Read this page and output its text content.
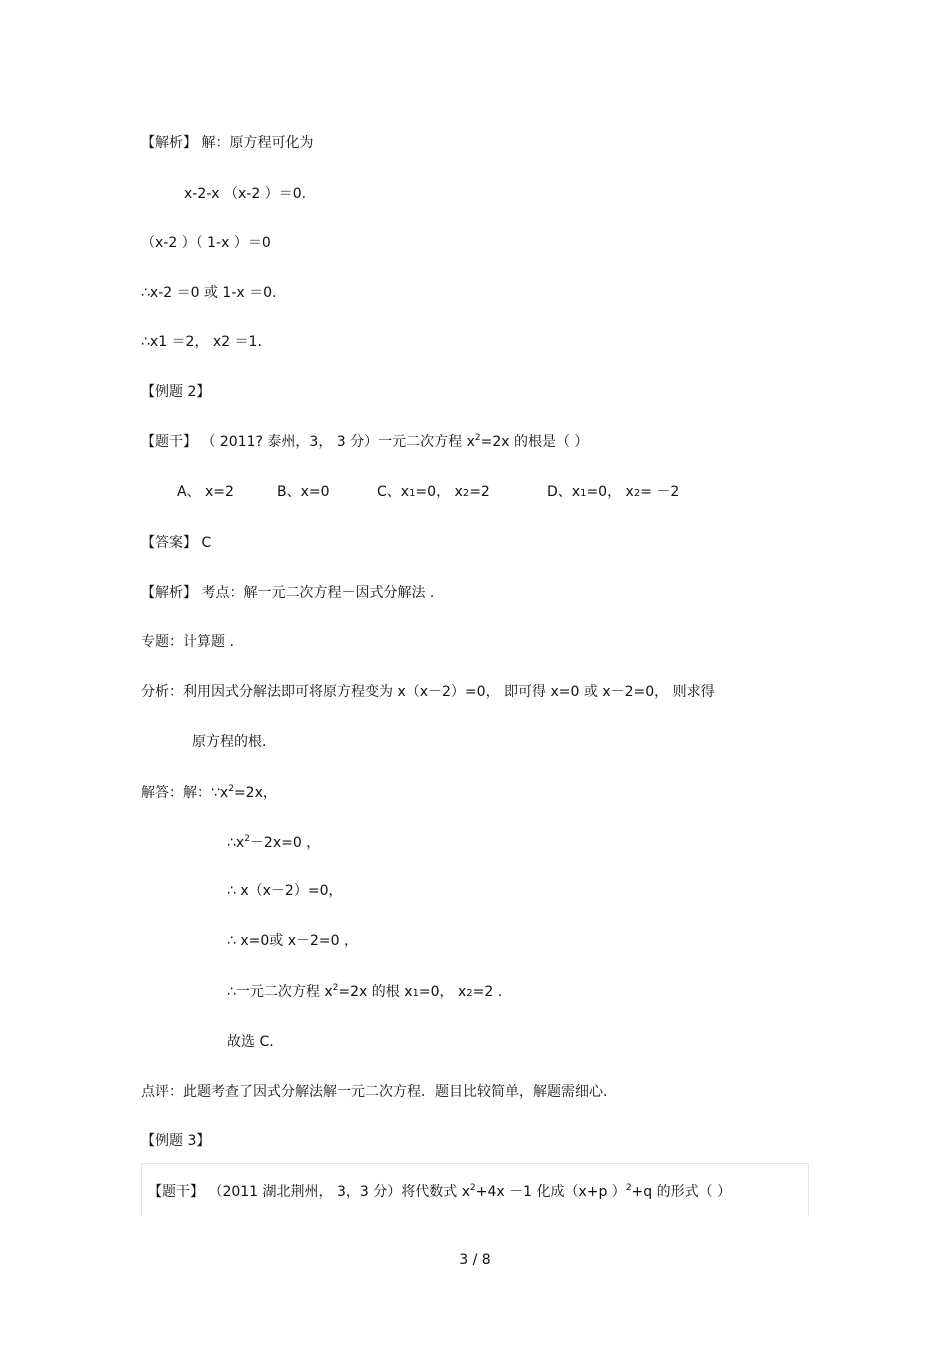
【解析】 解：原方程可化为
x-2-x （x-2 ）＝0.
（x-2 ）（ 1-x ）＝0
∴x-2 ＝0 或 1-x ＝0.
∴x1 ＝2， x2 ＝1.
【例题 2】
【题干】 （ 2011? 泰州，3， 3 分）一元二次方程 $x^2=2x$ 的根是（ ）
A、 x=2	B、x=0	C、x1=0， x2=2	D、x1=0， x2= －2
【答案】 C
【解析】 考点：解一元二次方程－因式分解法 .
专题：计算题 .
分析：利用因式分解法即可将原方程变为 x（x－2）=0， 即可得 x=0 或 x－2=0， 则求得
原方程的根.
解答：解：$\because x^2=2x$，
$\therefore x^2-2x=0$ ，
∴ x（x－2）=0，
∴ x=0或 x－2=0 ，
∴一元二次方程 $x^2=2x$ 的根 x1=0， x2=2 .
故选 C.
点评：此题考查了因式分解法解一元二次方程．题目比较简单，解题需细心.
【例题 3】
【题干】 （2011 湖北荆州， 3，3 分）将代数式 $x^2+4x -1$ 化成（x+p ）$^2$+q 的形式（ ）
3 / 8
